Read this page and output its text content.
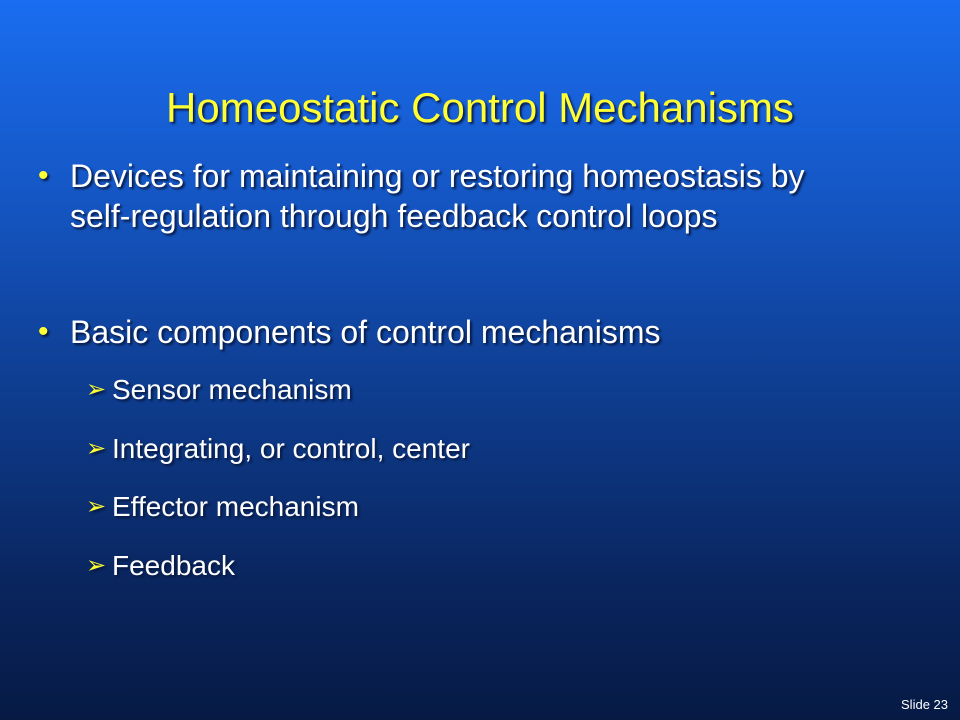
Homeostatic Control Mechanisms
• Devices for maintaining or restoring homeostasis by self-regulation through feedback control loops
• Basic components of control mechanisms
➢ Sensor mechanism
➢ Integrating, or control, center
➢ Effector mechanism
➢ Feedback
Slide 23
